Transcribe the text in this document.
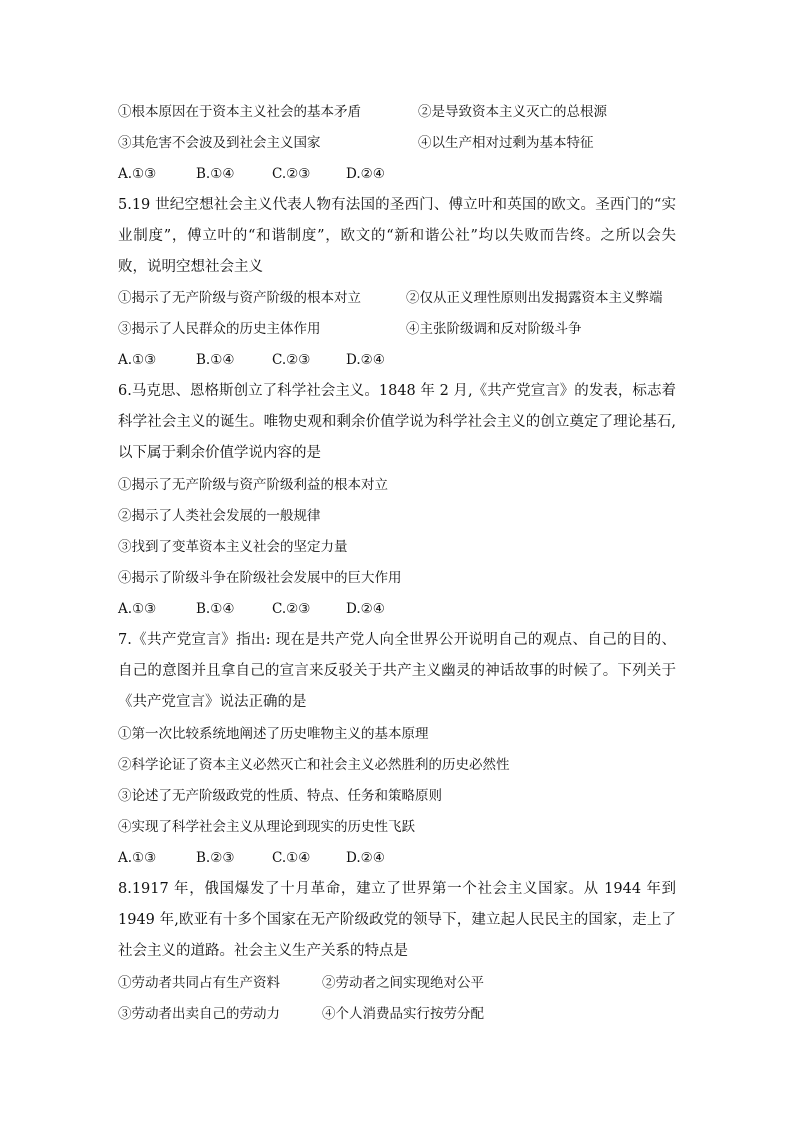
①根本原因在于资本主义社会的基本矛盾	②是导致资本主义灭亡的总根源
③其危害不会波及到社会主义国家	④以生产相对过剩为基本特征
A.①③	B.①④	C.②③	D.②④
5.19 世纪空想社会主义代表人物有法国的圣西门、傅立叶和英国的欧文。圣西门的“实业制度”，傅立叶的“和谐制度”，欧文的“新和谐公社”均以失败而告终。之所以会失败，说明空想社会主义
①揭示了无产阶级与资产阶级的根本对立	②仅从正义理性原则出发揭露资本主义弊端
③揭示了人民群众的历史主体作用	④主张阶级调和反对阶级斗争
A.①③	B.①④	C.②③	D.②④
6.马克思、恩格斯创立了科学社会主义。1848 年 2 月,《共产党宣言》的发表，标志着科学社会主义的诞生。唯物史观和剩余价值学说为科学社会主义的创立奠定了理论基石,以下属于剩余价值学说内容的是
①揭示了无产阶级与资产阶级利益的根本对立
②揭示了人类社会发展的一般规律
③找到了变革资本主义社会的坚定力量
④揭示了阶级斗争在阶级社会发展中的巨大作用
A.①③	B.①④	C.②③	D.②④
7.《共产党宣言》指出: 现在是共产党人向全世界公开说明自己的观点、自己的目的、自己的意图并且拿自己的宣言来反驳关于共产主义幽灵的神话故事的时候了。下列关于《共产党宣言》说法正确的是
①第一次比较系统地阐述了历史唯物主义的基本原理
②科学论证了资本主义必然灭亡和社会主义必然胜利的历史必然性
③论述了无产阶级政党的性质、特点、任务和策略原则
④实现了科学社会主义从理论到现实的历史性飞跃
A.①③	B.②③	C.①④	D.②④
8.1917 年，俄国爆发了十月革命，建立了世界第一个社会主义国家。从 1944 年到 1949 年,欧亚有十多个国家在无产阶级政党的领导下，建立起人民民主的国家，走上了社会主义的道路。社会主义生产关系的特点是
①劳动者共同占有生产资料	②劳动者之间实现绝对公平
③劳动者出卖自己的劳动力	④个人消费品实行按劳分配
